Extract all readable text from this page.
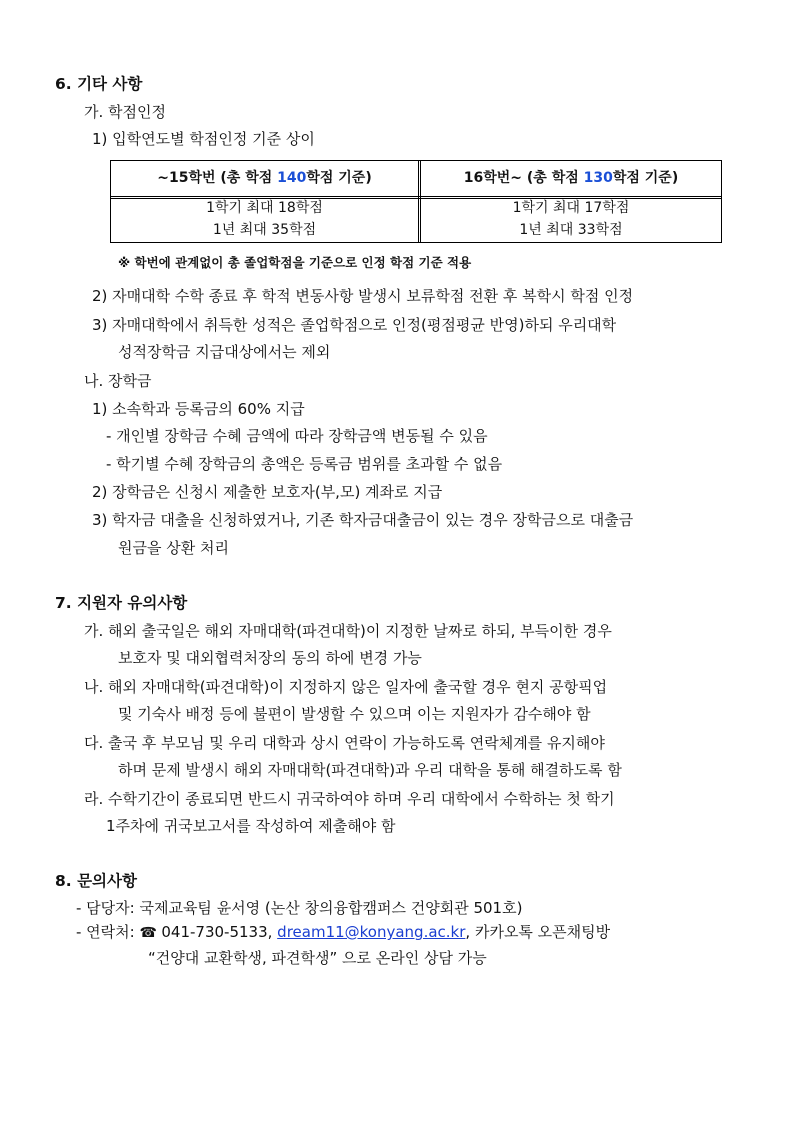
6. 기타 사항
가. 학점인정
1) 입학연도별 학점인정 기준 상이
~15학번 (총 학점 140학점 기준)	16학번~ (총 학점 130학점 기준)
1학기 최대 18학점
1년 최대 35학점
1학기 최대 17학점
1년 최대 33학점
※ 학번에 관계없이 총 졸업학점을 기준으로 인정 학점 기준 적용
2) 자매대학 수학 종료 후 학적 변동사항 발생시 보류학점 전환 후 복학시 학점 인정
3) 자매대학에서 취득한 성적은 졸업학점으로 인정(평점평균 반영)하되 우리대학
성적장학금 지급대상에서는 제외
나. 장학금
1) 소속학과 등록금의 60% 지급
- 개인별 장학금 수혜 금액에 따라 장학금액 변동될 수 있음
- 학기별 수혜 장학금의 총액은 등록금 범위를 초과할 수 없음
2) 장학금은 신청시 제출한 보호자(부,모) 계좌로 지급
3) 학자금 대출을 신청하였거나, 기존 학자금대출금이 있는 경우 장학금으로 대출금
원금을 상환 처리
7. 지원자 유의사항
가. 해외 출국일은 해외 자매대학(파견대학)이 지정한 날짜로 하되, 부득이한 경우
보호자 및 대외협력처장의 동의 하에 변경 가능
나. 해외 자매대학(파견대학)이 지정하지 않은 일자에 출국할 경우 현지 공항픽업
및 기숙사 배정 등에 불편이 발생할 수 있으며 이는 지원자가 감수해야 함
다. 출국 후 부모님 및 우리 대학과 상시 연락이 가능하도록 연락체계를 유지해야
하며 문제 발생시 해외 자매대학(파견대학)과 우리 대학을 통해 해결하도록 함
라. 수학기간이 종료되면 반드시 귀국하여야 하며 우리 대학에서 수학하는 첫 학기
1주차에 귀국보고서를 작성하여 제출해야 함
8. 문의사항
- 담당자: 국제교육팀 윤서영 (논산 창의융합캠퍼스 건양회관 501호)
- 연락처: ☎ 041-730-5133, dream11@konyang.ac.kr, 카카오톡 오픈채팅방
“건양대 교환학생, 파견학생” 으로 온라인 상담 가능
